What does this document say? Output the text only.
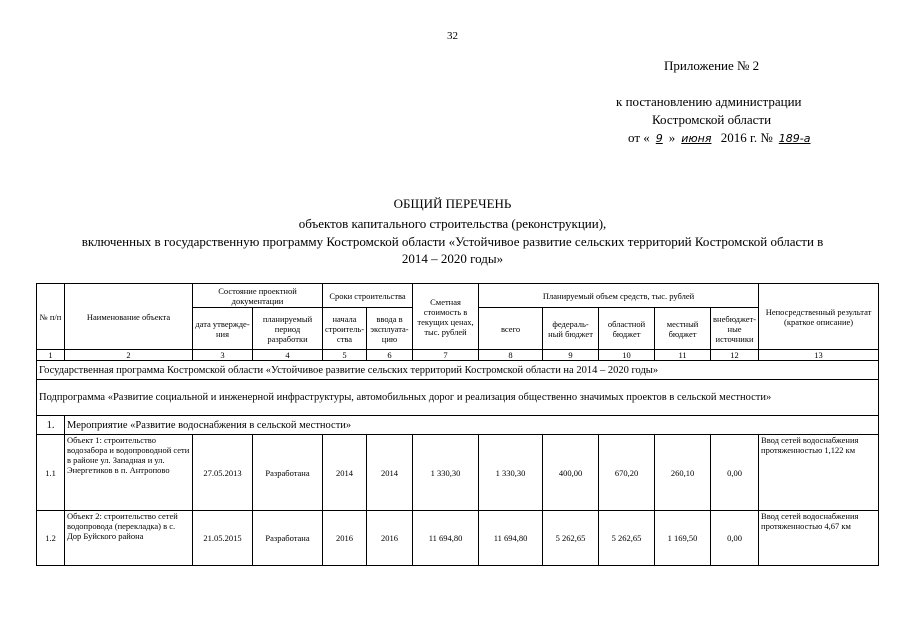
32
Приложение № 2
к постановлению администрации
Костромской области
от « 9 » июня 2016 г. № 189-а
ОБЩИЙ ПЕРЕЧЕНЬ
объектов капитального строительства (реконструкции),
включенных в государственную программу Костромской области «Устойчивое развитие сельских территорий Костромской области в
2014 – 2020 годы»
№ п/п	Наименование объекта	Состояние проектной документации		Сроки строительства		Сметная стоимость в текущих ценах, тыс. рублей	Планируемый объем средств, тыс. рублей					Непосредственный результат (краткое описание)
		дата утвержде-ния	планируемый период разработки	начала строитель-ства	ввода в эксплуата-цию		всего	федераль-ный бюджет	областной бюджет	местный бюджет	внебюджет-ные источники	
1	2	3	4	5	6	7	8	9	10	11	12	13
Государственная программа Костромской области «Устойчивое развитие сельских территорий Костромской области на 2014 – 2020 годы»												
Подпрограмма «Развитие социальной и инженерной инфраструктуры, автомобильных дорог и реализация общественно значимых проектов в сельской местности»												
1.	Мероприятие «Развитие водоснабжения в сельской местности»											
1.1	Объект 1: строительство водозабора и водопроводной сети в районе ул. Западная и ул. Энергетиков в п. Антропово	27.05.2013	Разработана	2014	2014	1 330,30	1 330,30	400,00	670,20	260,10	0,00	Ввод сетей водоснабжения протяженностью 1,122 км
1.2	Объект 2: строительство сетей водопровода (перекладка) в с. Дор Буйского района	21.05.2015	Разработана	2016	2016	11 694,80	11 694,80	5 262,65	5 262,65	1 169,50	0,00	Ввод сетей водоснабжения протяженностью 4,67 км
